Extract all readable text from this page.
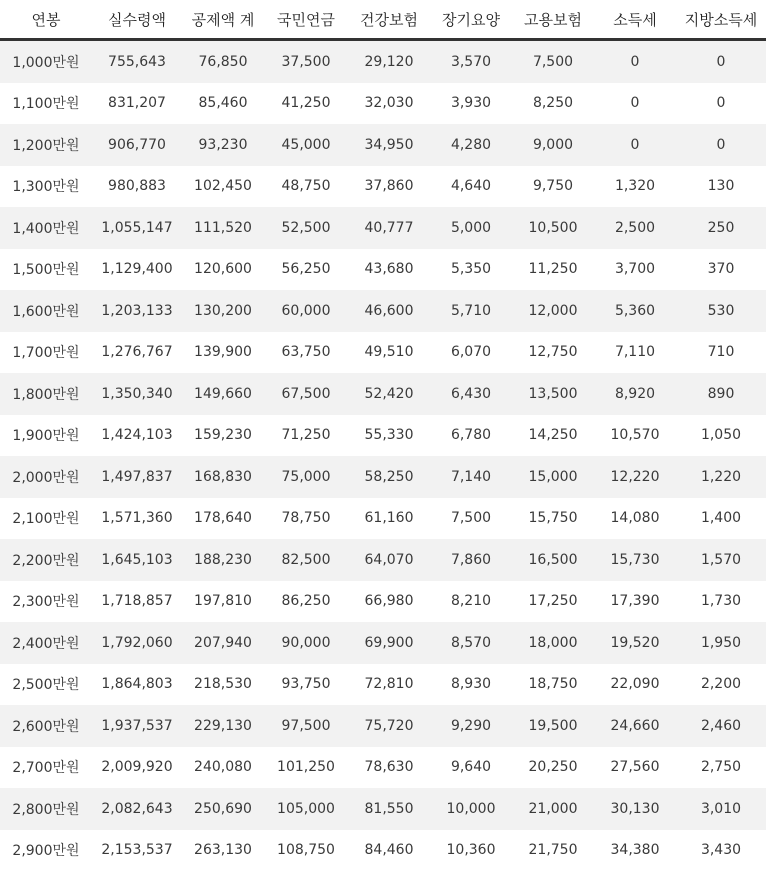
연봉	실수령액	공제액 계	국민연금	건강보험	장기요양	고용보험	소득세	지방소득세
1,000만원	755,643	76,850	37,500	29,120	3,570	7,500	0	0
1,100만원	831,207	85,460	41,250	32,030	3,930	8,250	0	0
1,200만원	906,770	93,230	45,000	34,950	4,280	9,000	0	0
1,300만원	980,883	102,450	48,750	37,860	4,640	9,750	1,320	130
1,400만원	1,055,147	111,520	52,500	40,777	5,000	10,500	2,500	250
1,500만원	1,129,400	120,600	56,250	43,680	5,350	11,250	3,700	370
1,600만원	1,203,133	130,200	60,000	46,600	5,710	12,000	5,360	530
1,700만원	1,276,767	139,900	63,750	49,510	6,070	12,750	7,110	710
1,800만원	1,350,340	149,660	67,500	52,420	6,430	13,500	8,920	890
1,900만원	1,424,103	159,230	71,250	55,330	6,780	14,250	10,570	1,050
2,000만원	1,497,837	168,830	75,000	58,250	7,140	15,000	12,220	1,220
2,100만원	1,571,360	178,640	78,750	61,160	7,500	15,750	14,080	1,400
2,200만원	1,645,103	188,230	82,500	64,070	7,860	16,500	15,730	1,570
2,300만원	1,718,857	197,810	86,250	66,980	8,210	17,250	17,390	1,730
2,400만원	1,792,060	207,940	90,000	69,900	8,570	18,000	19,520	1,950
2,500만원	1,864,803	218,530	93,750	72,810	8,930	18,750	22,090	2,200
2,600만원	1,937,537	229,130	97,500	75,720	9,290	19,500	24,660	2,460
2,700만원	2,009,920	240,080	101,250	78,630	9,640	20,250	27,560	2,750
2,800만원	2,082,643	250,690	105,000	81,550	10,000	21,000	30,130	3,010
2,900만원	2,153,537	263,130	108,750	84,460	10,360	21,750	34,380	3,430
